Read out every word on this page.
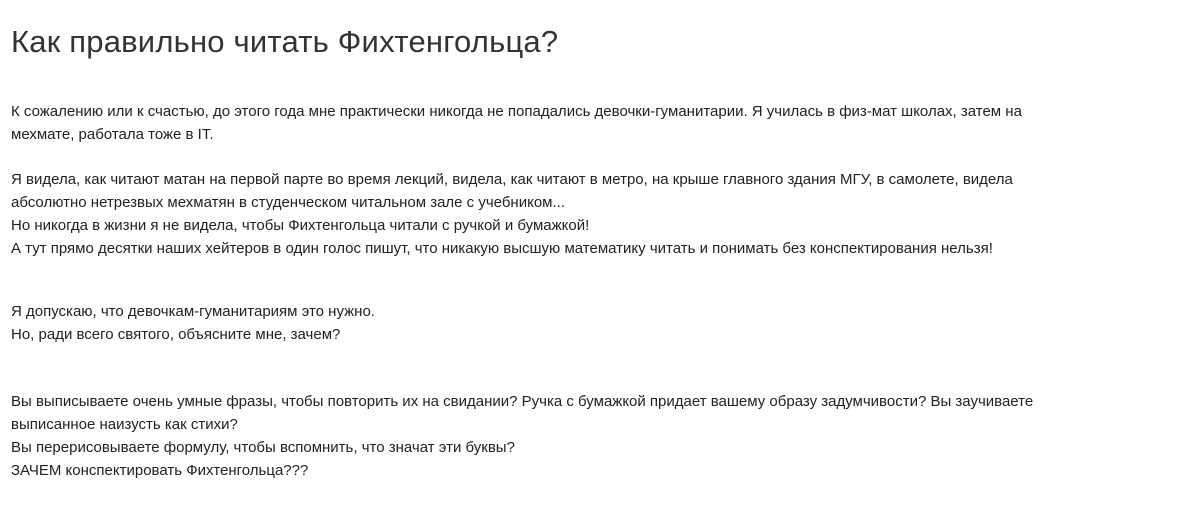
Как правильно читать Фихтенгольца?
К сожалению или к счастью, до этого года мне практически никогда не попадались девочки-гуманитарии. Я училась в физ-мат школах, затем на
мехмате, работала тоже в IT.
Я видела, как читают матан на первой парте во время лекций, видела, как читают в метро, на крыше главного здания МГУ, в самолете, видела
абсолютно нетрезвых мехматян в студенческом читальном зале с учебником...
Но никогда в жизни я не видела, чтобы Фихтенгольца читали с ручкой и бумажкой!
А тут прямо десятки наших хейтеров в один голос пишут, что никакую высшую математику читать и понимать без конспектирования нельзя!
Я допускаю, что девочкам-гуманитариям это нужно.
Но, ради всего святого, объясните мне, зачем?
Вы выписываете очень умные фразы, чтобы повторить их на свидании? Ручка с бумажкой придает вашему образу задумчивости? Вы заучиваете
выписанное наизусть как стихи?
Вы перерисовываете формулу, чтобы вспомнить, что значат эти буквы?
ЗАЧЕМ конспектировать Фихтенгольца???
